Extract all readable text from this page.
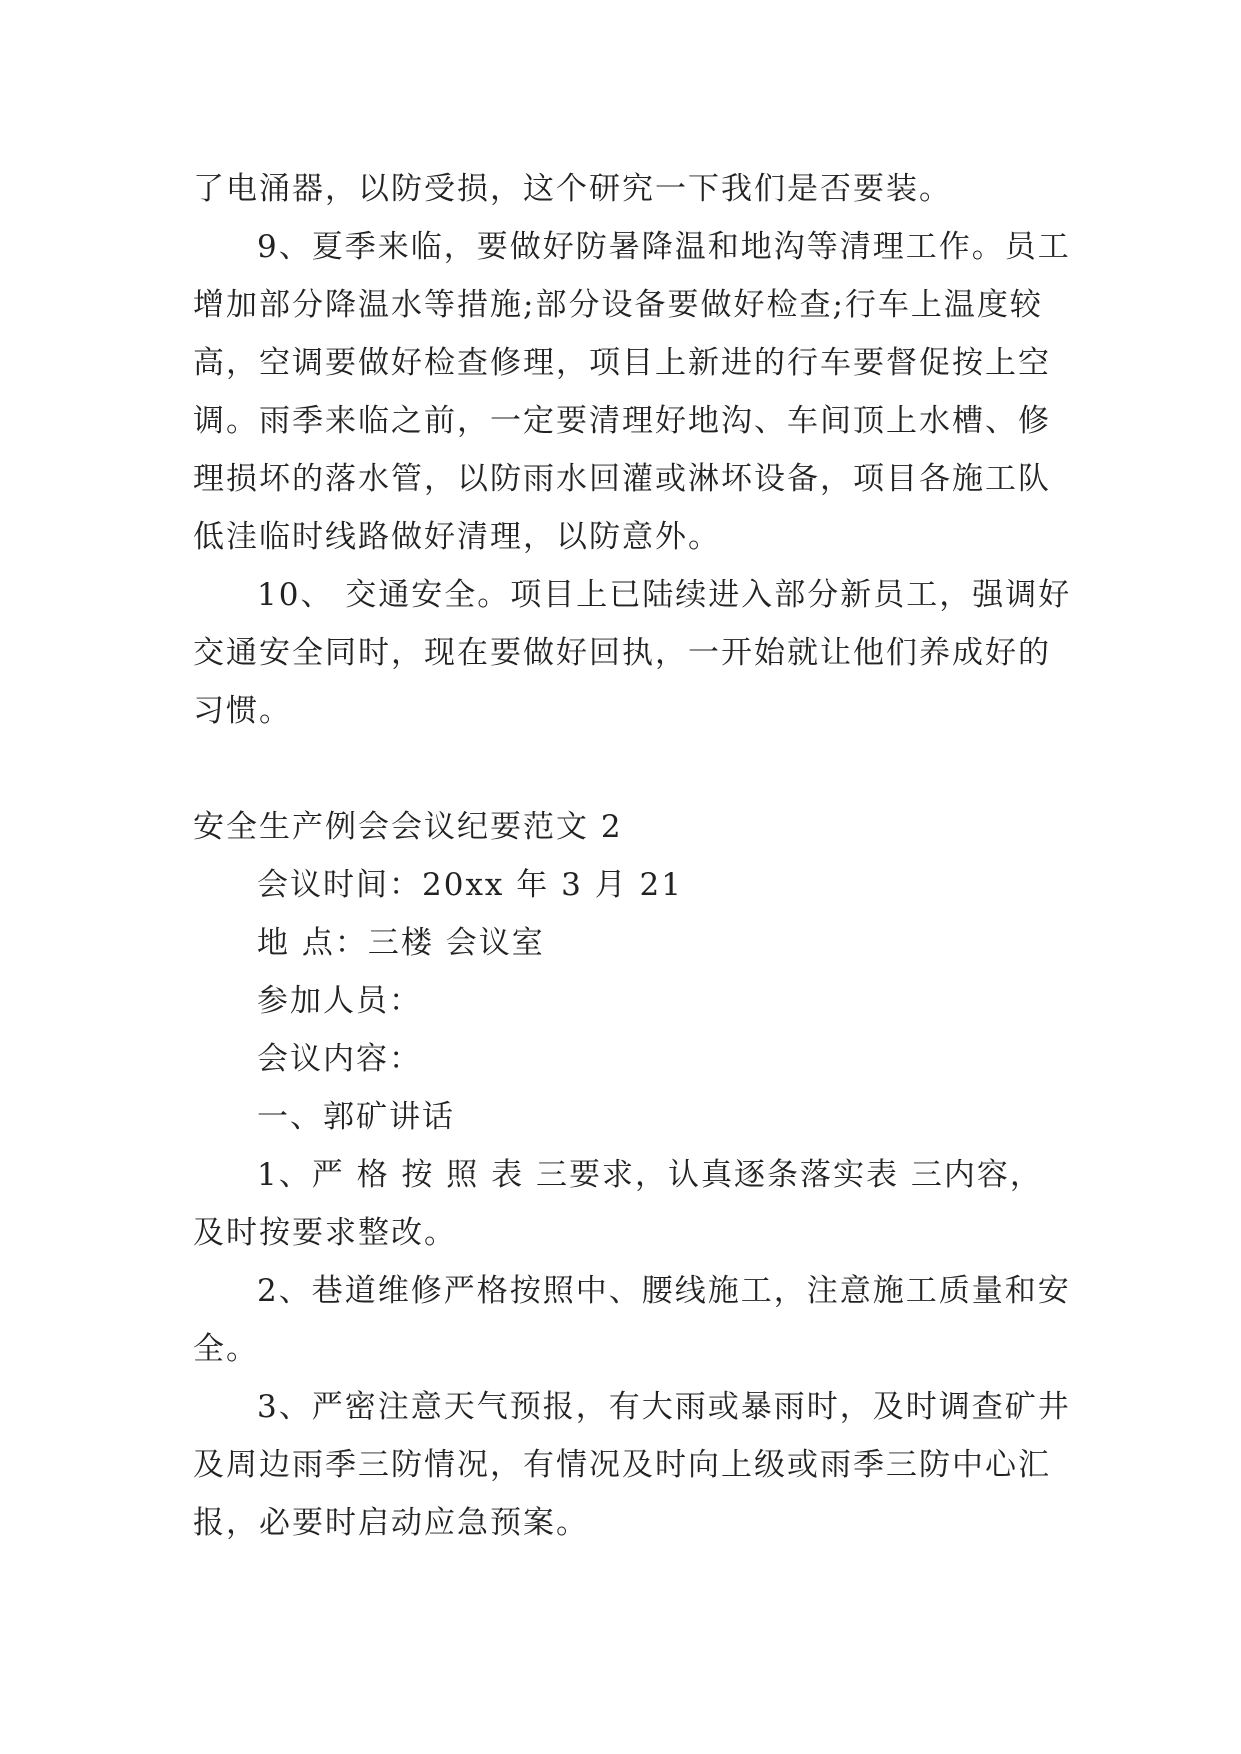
了电涌器，以防受损，这个研究一下我们是否要装。

9、夏季来临，要做好防暑降温和地沟等清理工作。员工增加部分降温水等措施;部分设备要做好检查;行车上温度较高，空调要做好检查修理，项目上新进的行车要督促按上空调。雨季来临之前，一定要清理好地沟、车间顶上水槽、修理损坏的落水管，以防雨水回灌或淋坏设备，项目各施工队低洼临时线路做好清理，以防意外。

10、 交通安全。项目上已陆续进入部分新员工，强调好交通安全同时，现在要做好回执，一开始就让他们养成好的习惯。

安全生产例会会议纪要范文 2

会议时间：20xx 年 3 月 21

地 点：三楼 会议室

参加人员：

会议内容：

一、郭矿讲话

1、严 格 按 照 表 三要求，认真逐条落实表 三内容，及时按要求整改。

2、巷道维修严格按照中、腰线施工，注意施工质量和安全。

3、严密注意天气预报，有大雨或暴雨时，及时调查矿井及周边雨季三防情况，有情况及时向上级或雨季三防中心汇报，必要时启动应急预案。
